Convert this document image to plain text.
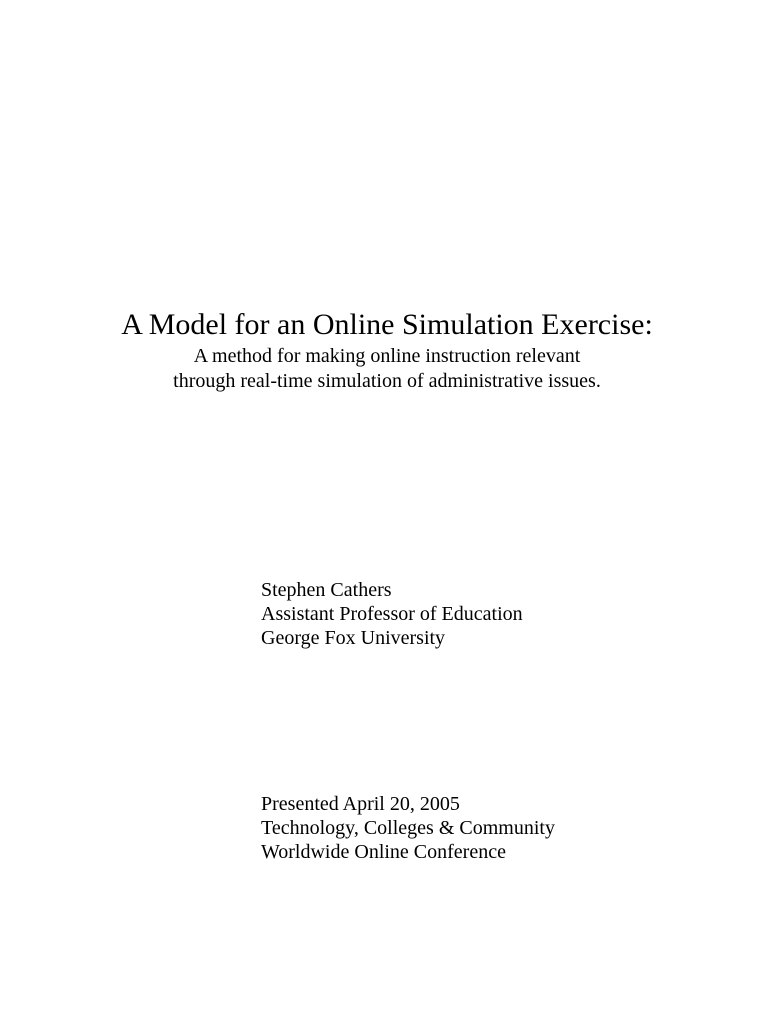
A Model for an Online Simulation Exercise:
A method for making online instruction relevant
through real-time simulation of administrative issues.
Stephen Cathers
Assistant Professor of Education
George Fox University
Presented April 20, 2005
Technology, Colleges & Community
Worldwide Online Conference
